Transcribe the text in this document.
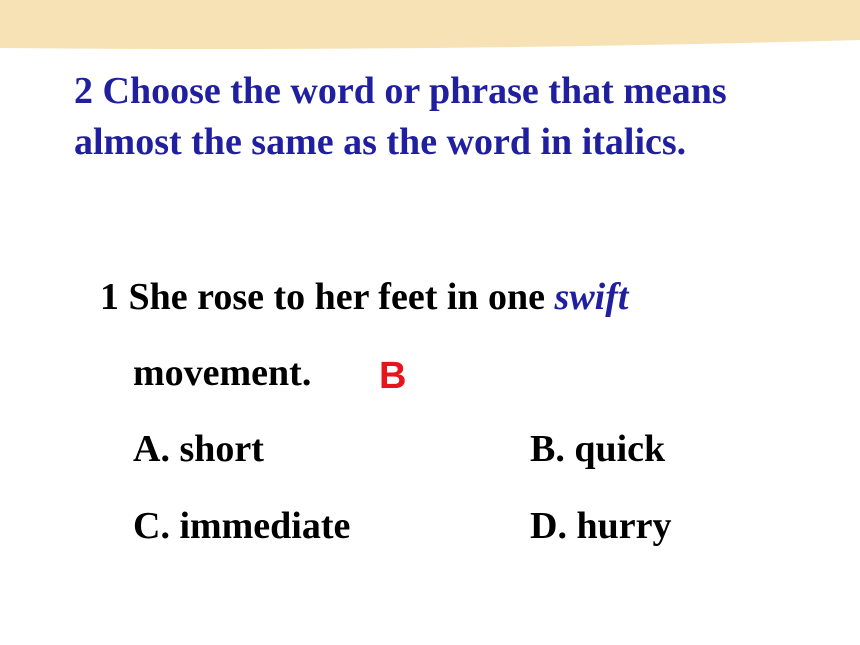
2 Choose the word or phrase that means almost the same as the word in italics.

1 She rose to her feet in one swift
movement. B
A. short	B. quick
C. immediate	D. hurry
